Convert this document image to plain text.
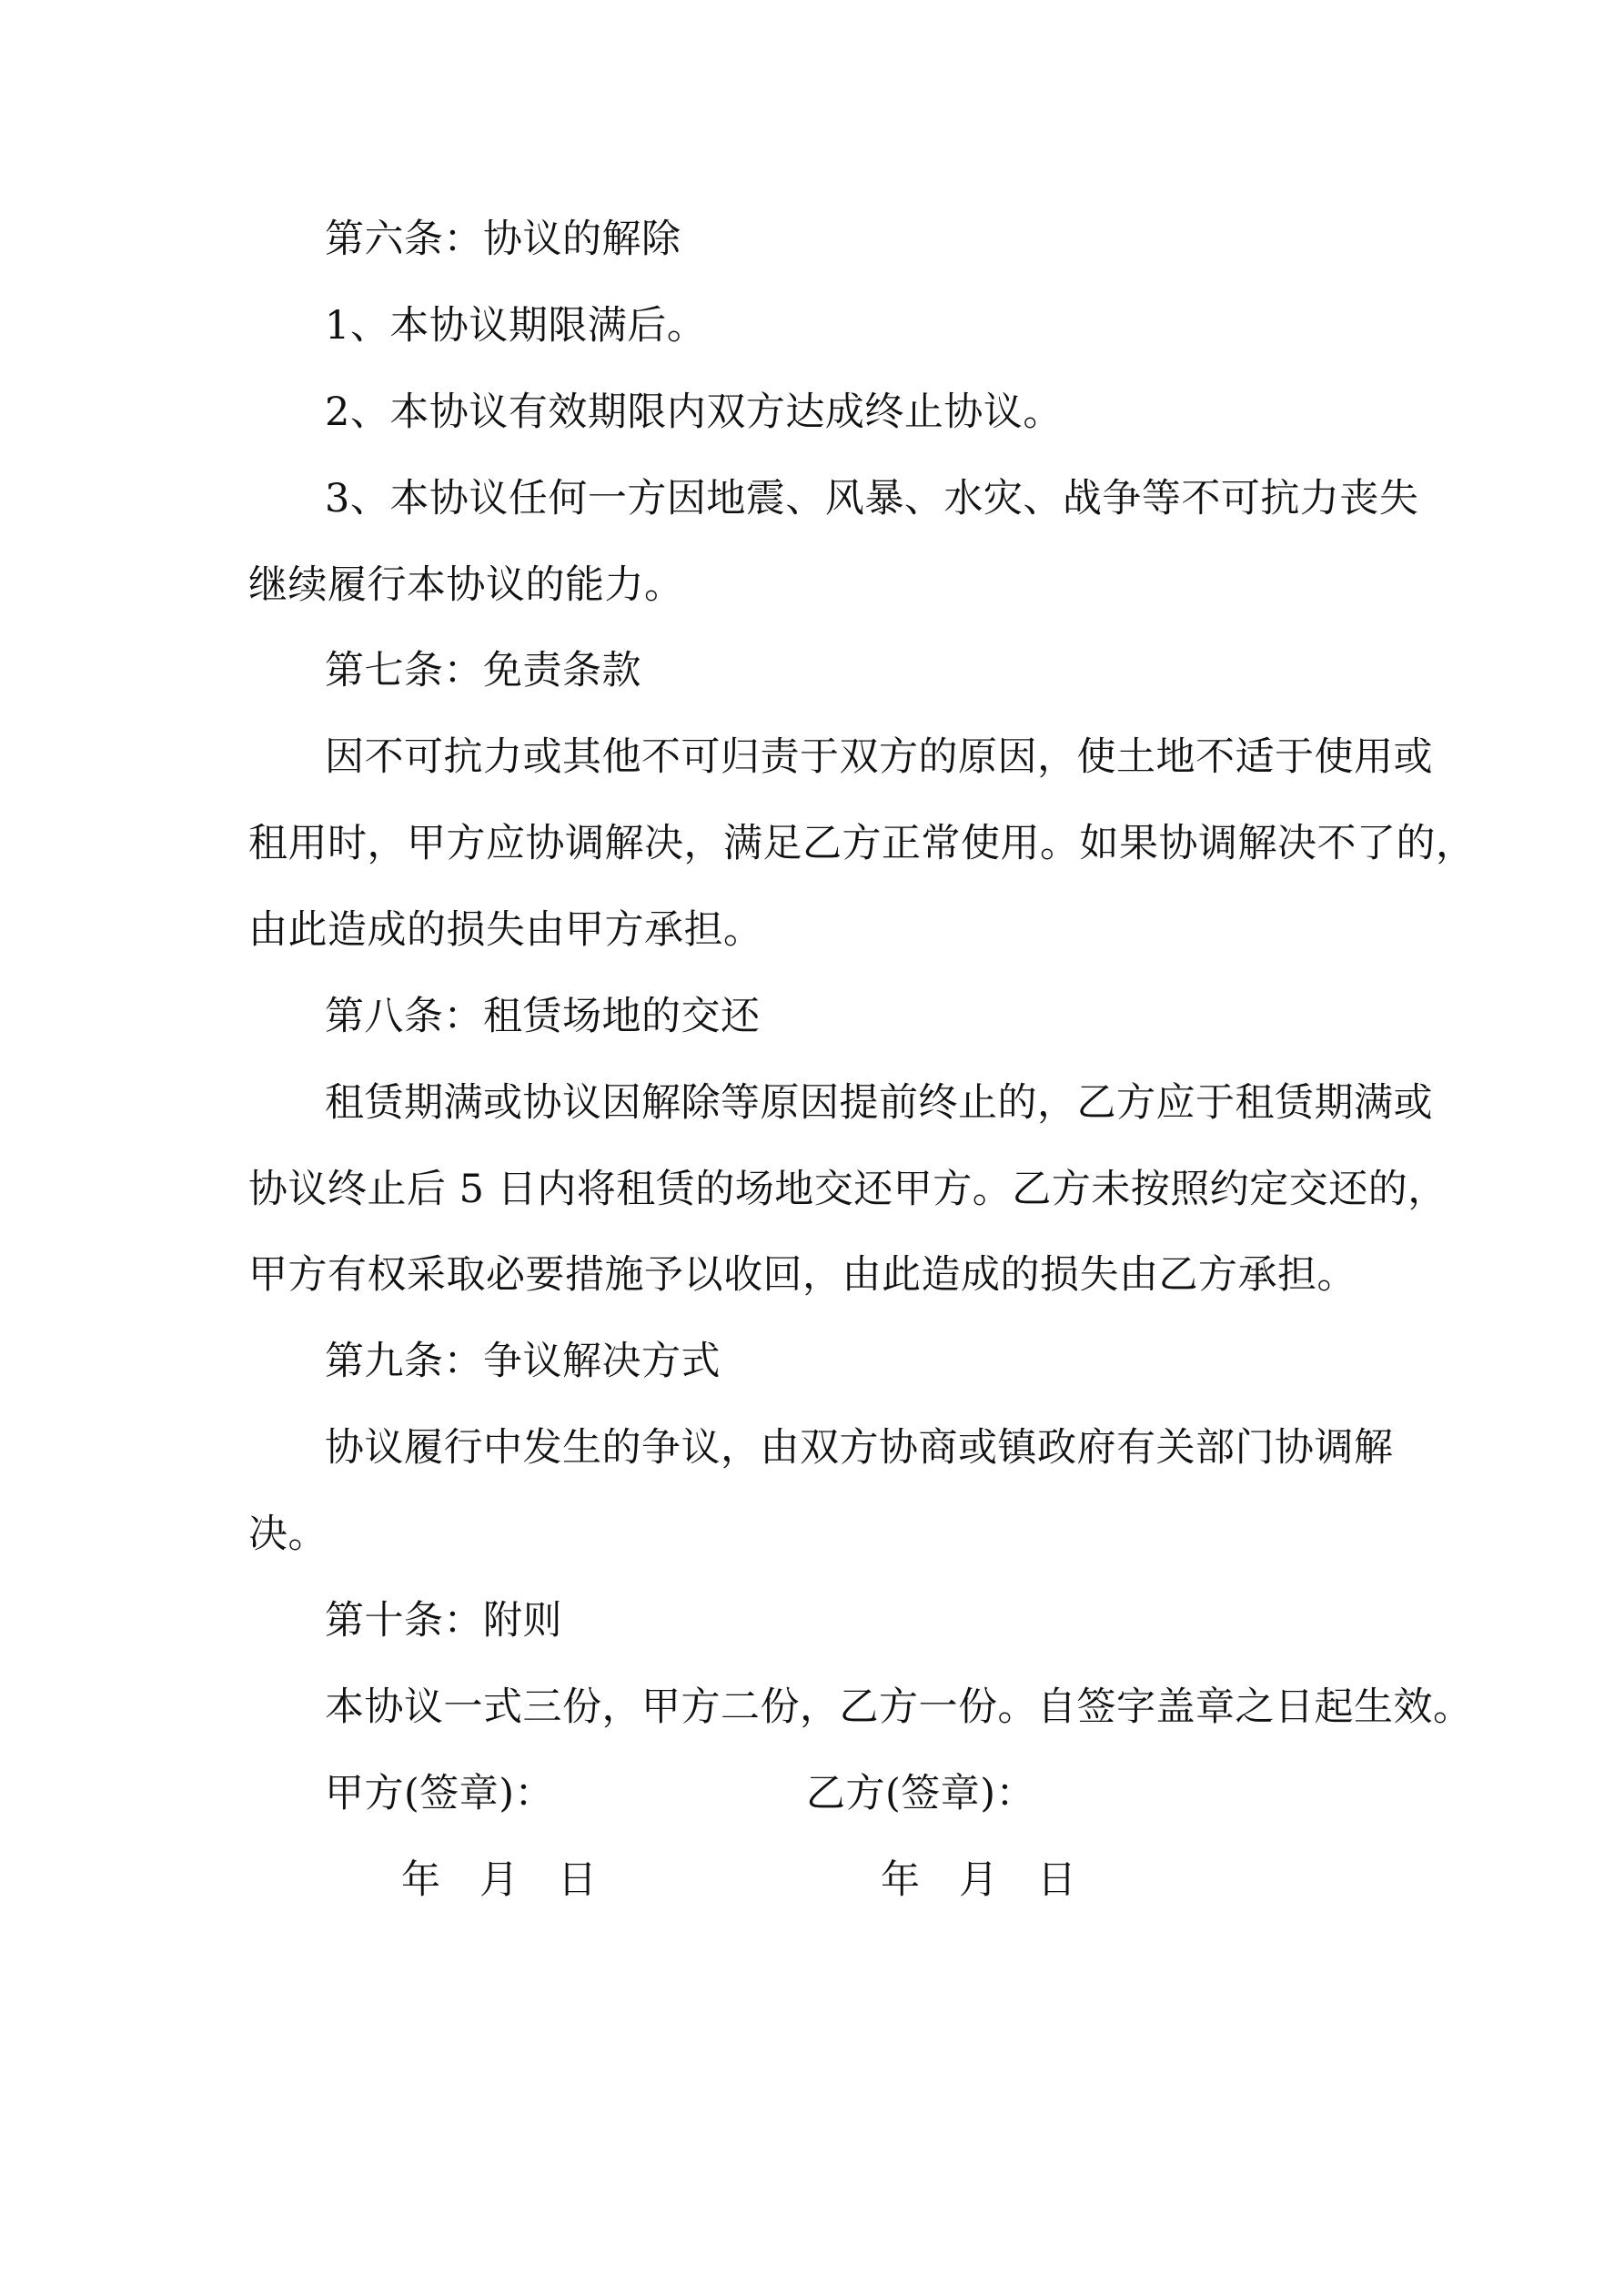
第六条：协议的解除
1、本协议期限满后。
2、本协议有效期限内双方达成终止协议。
3、本协议任何一方因地震、风暴、水灾、战争等不可抗力丧失
继续履行本协议的能力。
第七条：免责条款
因不可抗力或其他不可归责于双方的原因，使土地不适于使用或
租用时，甲方应协调解决，满足乙方正常使用。如果协调解决不了的，
由此造成的损失由甲方承担。
第八条：租赁场地的交还
租赁期满或协议因解除等原因提前终止的，乙方应于租赁期满或
协议终止后 5 日内将租赁的场地交还甲方。乙方未按照约定交还的，
甲方有权采取必要措施予以收回，由此造成的损失由乙方承担。
第九条：争议解决方式
协议履行中发生的争议，由双方协商或镇政府有关部门协调解
决。
第十条：附则
本协议一式三份，甲方二份，乙方一份。自签字盖章之日起生效。
甲方(签章)：	乙方(签章)：
年 月 日	年 月 日
